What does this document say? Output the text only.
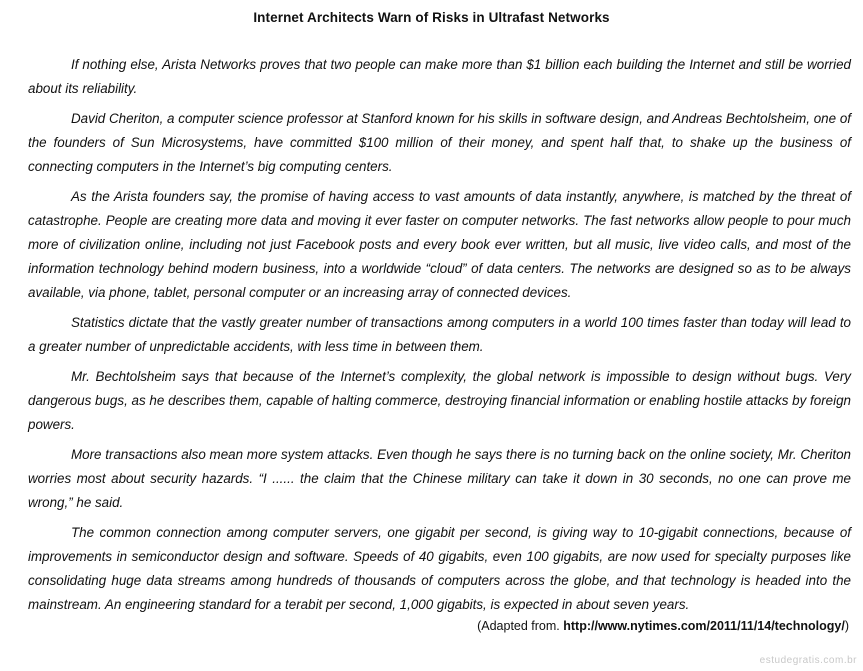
Internet Architects Warn of Risks in Ultrafast Networks

If nothing else, Arista Networks proves that two people can make more than $1 billion each building the Internet and still be worried about its reliability.

David Cheriton, a computer science professor at Stanford known for his skills in software design, and Andreas Bechtolsheim, one of the founders of Sun Microsystems, have committed $100 million of their money, and spent half that, to shake up the business of connecting computers in the Internet’s big computing centers.

As the Arista founders say, the promise of having access to vast amounts of data instantly, anywhere, is matched by the threat of catastrophe. People are creating more data and moving it ever faster on computer networks. The fast networks allow people to pour much more of civilization online, including not just Facebook posts and every book ever written, but all music, live video calls, and most of the information technology behind modern business, into a worldwide “cloud” of data centers. The networks are designed so as to be always available, via phone, tablet, personal computer or an increasing array of connected devices.

Statistics dictate that the vastly greater number of transactions among computers in a world 100 times faster than today will lead to a greater number of unpredictable accidents, with less time in between them.

Mr. Bechtolsheim says that because of the Internet’s complexity, the global network is impossible to design without bugs. Very dangerous bugs, as he describes them, capable of halting commerce, destroying financial information or enabling hostile attacks by foreign powers.

More transactions also mean more system attacks. Even though he says there is no turning back on the online society, Mr. Cheriton worries most about security hazards. “I ...... the claim that the Chinese military can take it down in 30 seconds, no one can prove me wrong,” he said.

The common connection among computer servers, one gigabit per second, is giving way to 10-gigabit connections, because of improvements in semiconductor design and software. Speeds of 40 gigabits, even 100 gigabits, are now used for specialty purposes like consolidating huge data streams among hundreds of thousands of computers across the globe, and that technology is headed into the mainstream. An engineering standard for a terabit per second, 1,000 gigabits, is expected in about seven years.

(Adapted from. http://www.nytimes.com/2011/11/14/technology/)
estudegratis.com.br
